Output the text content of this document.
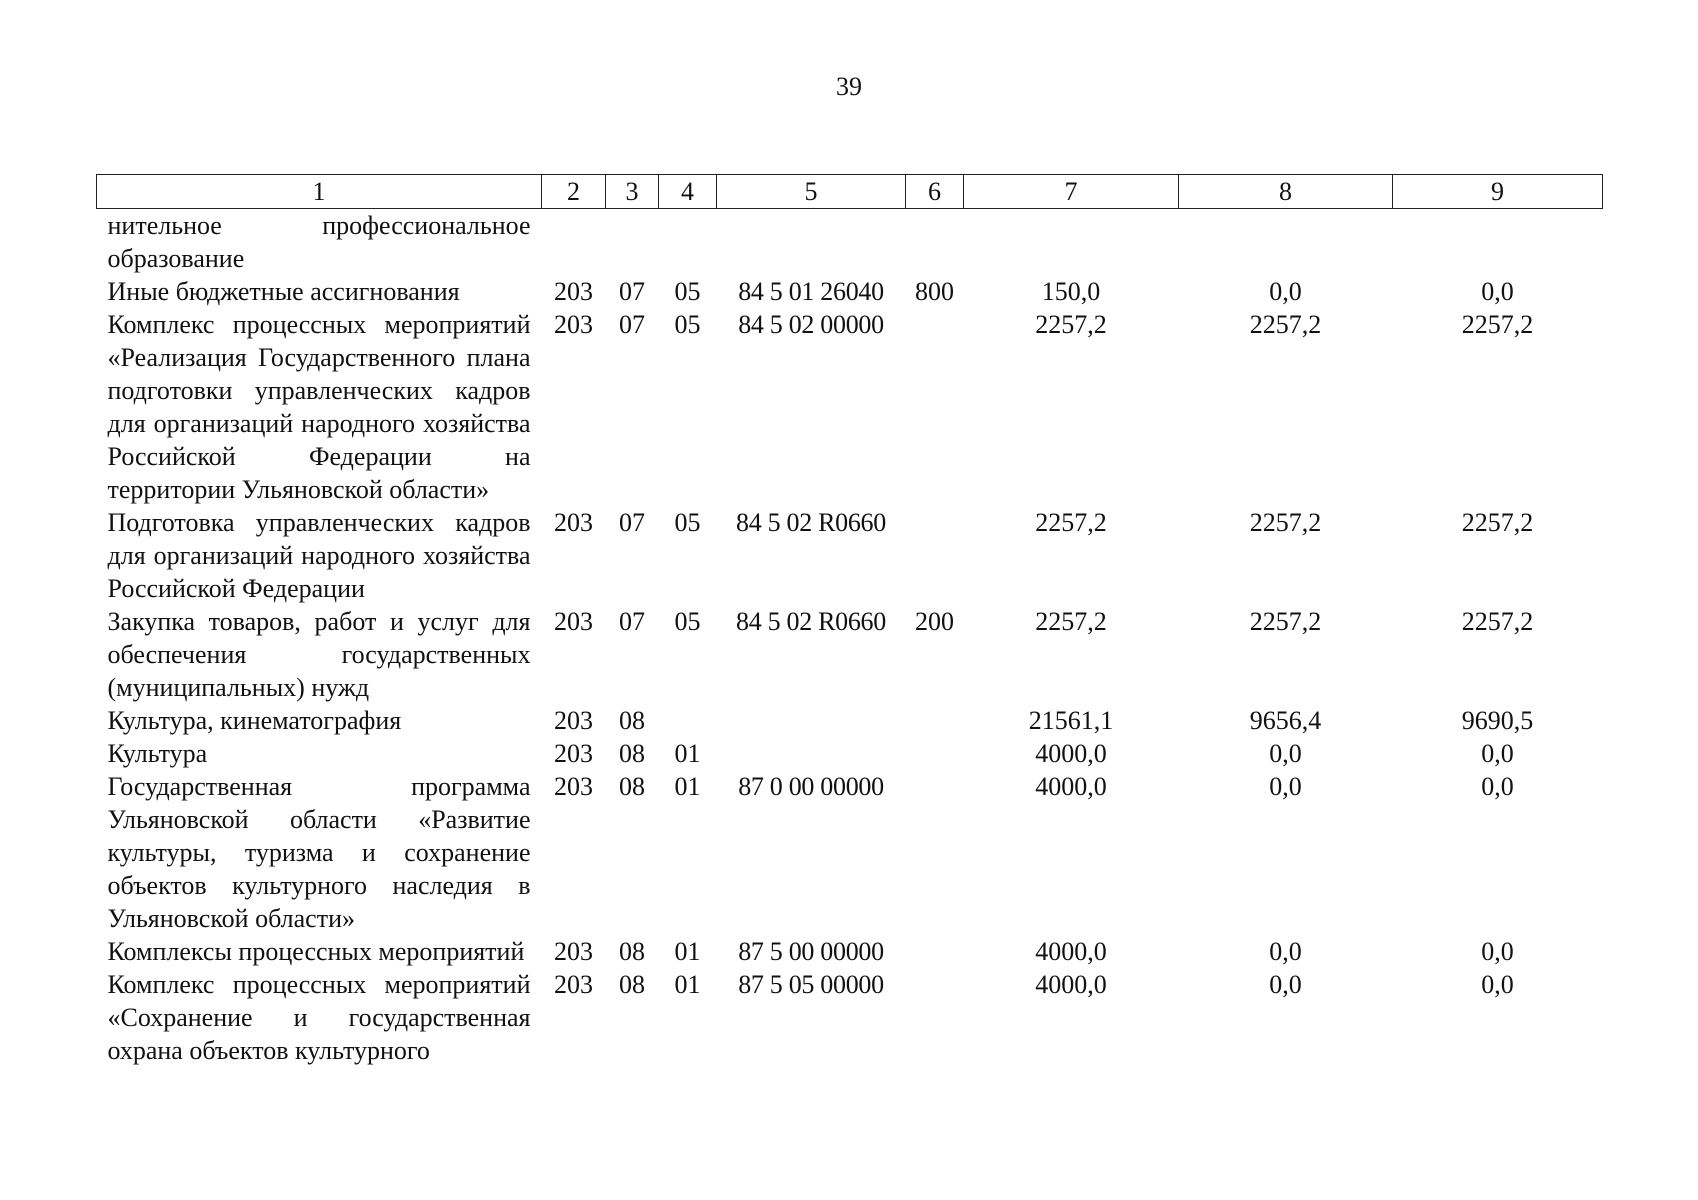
39
1	2	3	4	5	6	7	8	9
нительное профессиональное образование								
Иные бюджетные ассигнования	203	07	05	84 5 01 26040	800	150,0	0,0	0,0
Комплекс процессных мероприятий «Реализация Государственного плана подготовки управленческих кадров для организаций народного хозяйства Российской Федерации на территории Ульяновской области»	203	07	05	84 5 02 00000		2257,2	2257,2	2257,2
Подготовка управленческих кадров для организаций народного хозяйства Российской Федерации	203	07	05	84 5 02 R0660		2257,2	2257,2	2257,2
Закупка товаров, работ и услуг для обеспечения государственных (муниципальных) нужд	203	07	05	84 5 02 R0660	200	2257,2	2257,2	2257,2
Культура, кинематография	203	08				21561,1	9656,4	9690,5
Культура	203	08	01			4000,0	0,0	0,0
Государственная программа Ульяновской области «Развитие культуры, туризма и сохранение объектов культурного наследия в Ульяновской области»	203	08	01	87 0 00 00000		4000,0	0,0	0,0
Комплексы процессных мероприятий	203	08	01	87 5 00 00000		4000,0	0,0	0,0
Комплекс процессных мероприятий «Сохранение и государственная охрана объектов культурного	203	08	01	87 5 05 00000		4000,0	0,0	0,0
